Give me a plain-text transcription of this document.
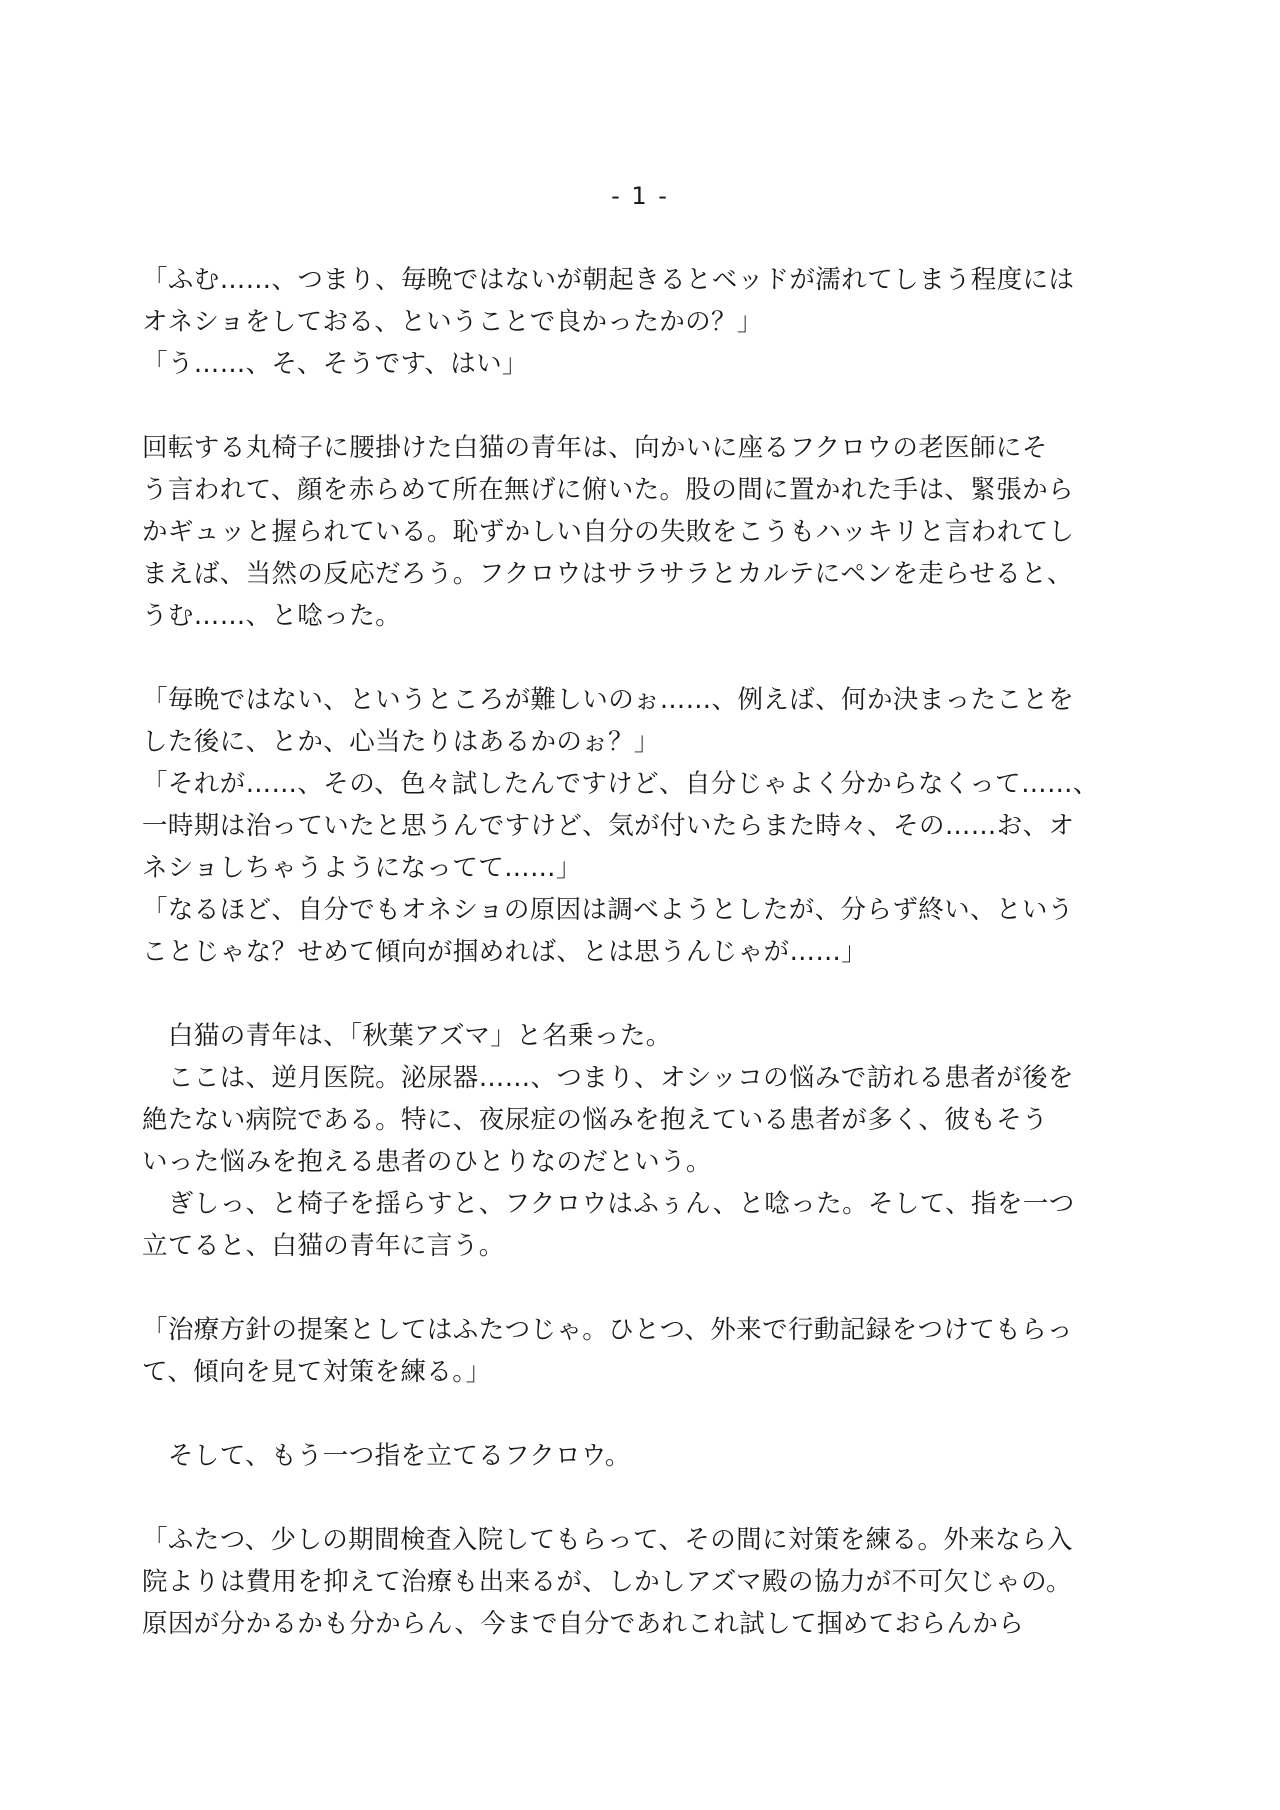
- 1 -
「ふむ……、つまり、毎晩ではないが朝起きるとベッドが濡れてしまう程度には
オネショをしておる、ということで良かったかの？」
「う……、そ、そうです、はい」
回転する丸椅子に腰掛けた白猫の青年は、向かいに座るフクロウの老医師にそ
う言われて、顔を赤らめて所在無げに俯いた。股の間に置かれた手は、緊張から
かギュッと握られている。恥ずかしい自分の失敗をこうもハッキリと言われてし
まえば、当然の反応だろう。フクロウはサラサラとカルテにペンを走らせると、
うむ……、と唸った。
「毎晩ではない、というところが難しいのぉ……、例えば、何か決まったことを
した後に、とか、心当たりはあるかのぉ？」
「それが……、その、色々試したんですけど、自分じゃよく分からなくって……、
一時期は治っていたと思うんですけど、気が付いたらまた時々、その……お、オ
ネショしちゃうようになってて……」
「なるほど、自分でもオネショの原因は調べようとしたが、分らず終い、という
ことじゃな？せめて傾向が掴めれば、とは思うんじゃが……」
　白猫の青年は、「秋葉アズマ」と名乗った。
　ここは、逆月医院。泌尿器……、つまり、オシッコの悩みで訪れる患者が後を
絶たない病院である。特に、夜尿症の悩みを抱えている患者が多く、彼もそう
いった悩みを抱える患者のひとりなのだという。
　ぎしっ、と椅子を揺らすと、フクロウはふぅん、と唸った。そして、指を一つ
立てると、白猫の青年に言う。
「治療方針の提案としてはふたつじゃ。ひとつ、外来で行動記録をつけてもらっ
て、傾向を見て対策を練る。」
　そして、もう一つ指を立てるフクロウ。
「ふたつ、少しの期間検査入院してもらって、その間に対策を練る。外来なら入
院よりは費用を抑えて治療も出来るが、しかしアズマ殿の協力が不可欠じゃの。
原因が分かるかも分からん、今まで自分であれこれ試して掴めておらんから
